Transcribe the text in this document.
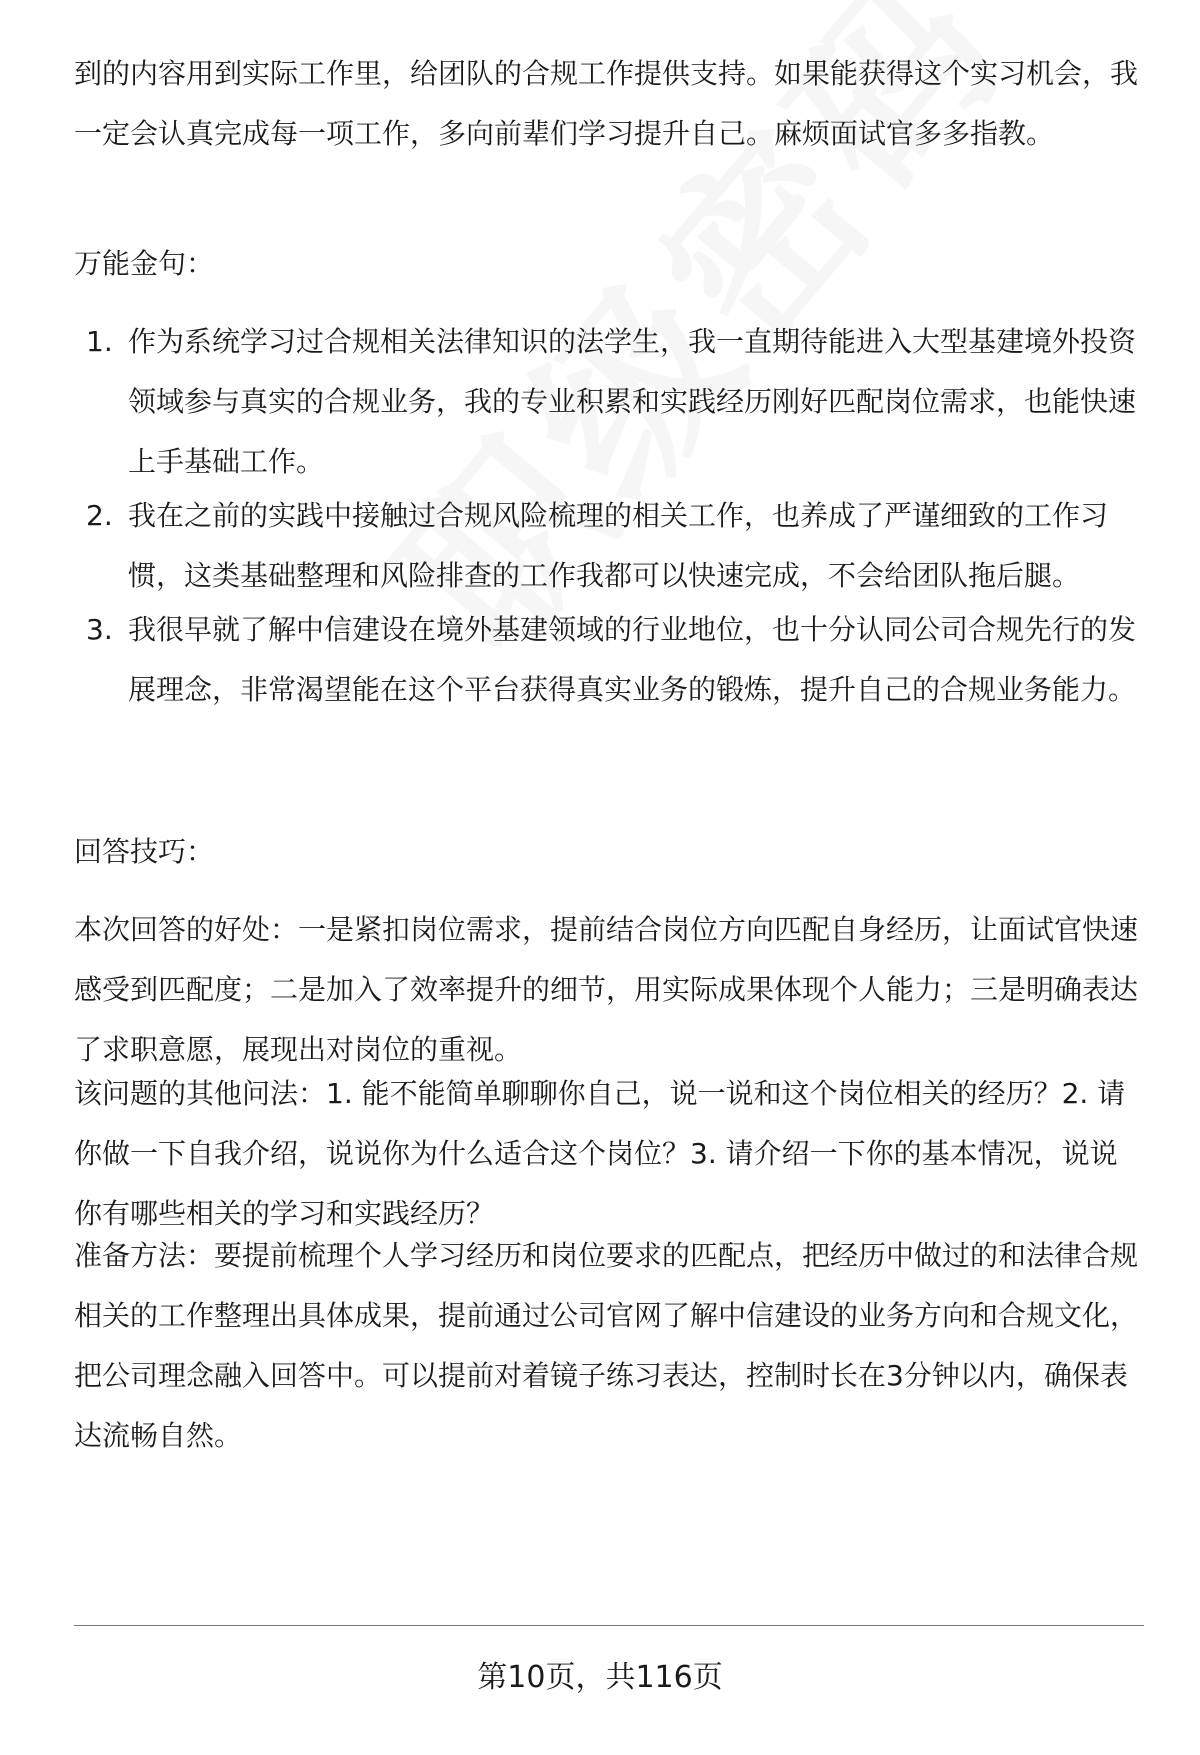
到的内容用到实际工作里，给团队的合规工作提供支持。如果能获得这个实习机会，我一定会认真完成每一项工作，多向前辈们学习提升自己。麻烦面试官多多指教。

万能金句：

1. 作为系统学习过合规相关法律知识的法学生，我一直期待能进入大型基建境外投资领域参与真实的合规业务，我的专业积累和实践经历刚好匹配岗位需求，也能快速上手基础工作。
2. 我在之前的实践中接触过合规风险梳理的相关工作，也养成了严谨细致的工作习惯，这类基础整理和风险排查的工作我都可以快速完成，不会给团队拖后腿。
3. 我很早就了解中信建设在境外基建领域的行业地位，也十分认同公司合规先行的发展理念，非常渴望能在这个平台获得真实业务的锻炼，提升自己的合规业务能力。

回答技巧：

本次回答的好处：一是紧扣岗位需求，提前结合岗位方向匹配自身经历，让面试官快速感受到匹配度；二是加入了效率提升的细节，用实际成果体现个人能力；三是明确表达了求职意愿，展现出对岗位的重视。

该问题的其他问法：1. 能不能简单聊聊你自己，说一说和这个岗位相关的经历？2. 请你做一下自我介绍，说说你为什么适合这个岗位？3. 请介绍一下你的基本情况，说说你有哪些相关的学习和实践经历？

准备方法：要提前梳理个人学习经历和岗位要求的匹配点，把经历中做过的和法律合规相关的工作整理出具体成果，提前通过公司官网了解中信建设的业务方向和合规文化，把公司理念融入回答中。可以提前对着镜子练习表达，控制时长在3分钟以内，确保表达流畅自然。

第10页，共116页
